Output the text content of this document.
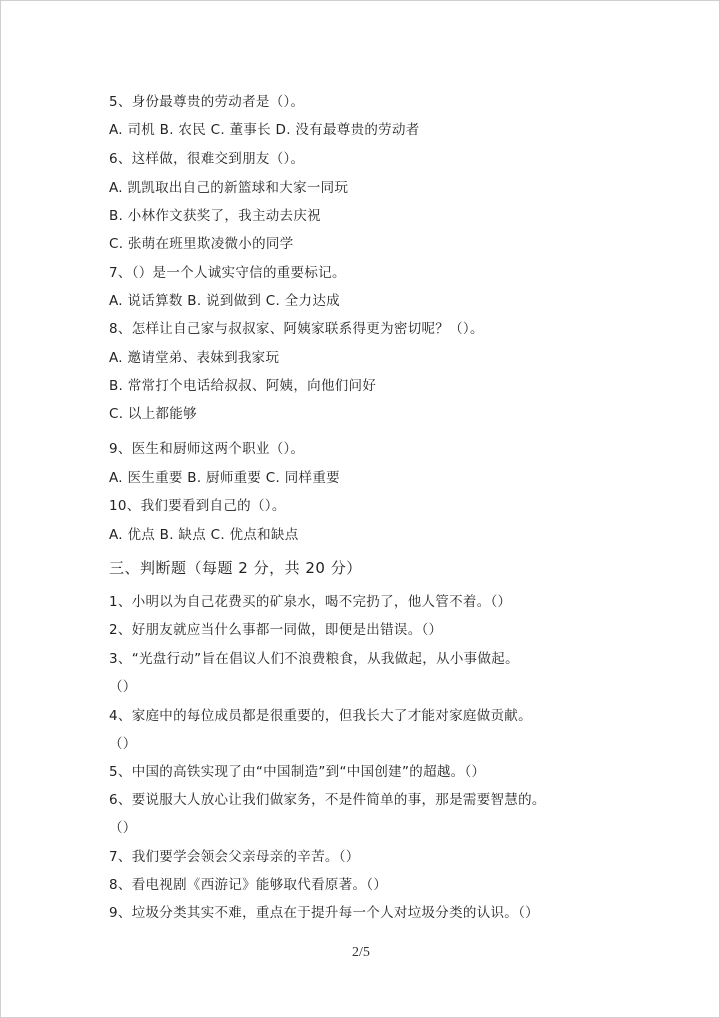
5、身份最尊贵的劳动者是（）。
A. 司机 B. 农民 C. 董事长 D. 没有最尊贵的劳动者
6、这样做，很难交到朋友（）。
A. 凯凯取出自己的新篮球和大家一同玩
B. 小林作文获奖了，我主动去庆祝
C. 张萌在班里欺凌微小的同学
7、（）是一个人诚实守信的重要标记。
A. 说话算数 B. 说到做到 C. 全力达成
8、怎样让自己家与叔叔家、阿姨家联系得更为密切呢？（）。
A. 邀请堂弟、表妹到我家玩
B. 常常打个电话给叔叔、阿姨，向他们问好
C. 以上都能够
9、医生和厨师这两个职业（）。
A. 医生重要 B. 厨师重要 C. 同样重要
10、我们要看到自己的（）。
A. 优点 B. 缺点 C. 优点和缺点
三、判断题（每题 2 分，共 20 分）
1、小明以为自己花费买的矿泉水，喝不完扔了，他人管不着。（）
2、好朋友就应当什么事都一同做，即便是出错误。（）
3、“光盘行动”旨在倡议人们不浪费粮食，从我做起，从小事做起。
（）
4、家庭中的每位成员都是很重要的，但我长大了才能对家庭做贡献。
（）
5、中国的高铁实现了由“中国制造”到“中国创建”的超越。（）
6、要说服大人放心让我们做家务，不是件简单的事，那是需要智慧的。
（）
7、我们要学会领会父亲母亲的辛苦。（）
8、看电视剧《西游记》能够取代看原著。（）
9、垃圾分类其实不难，重点在于提升每一个人对垃圾分类的认识。（）
2/5
